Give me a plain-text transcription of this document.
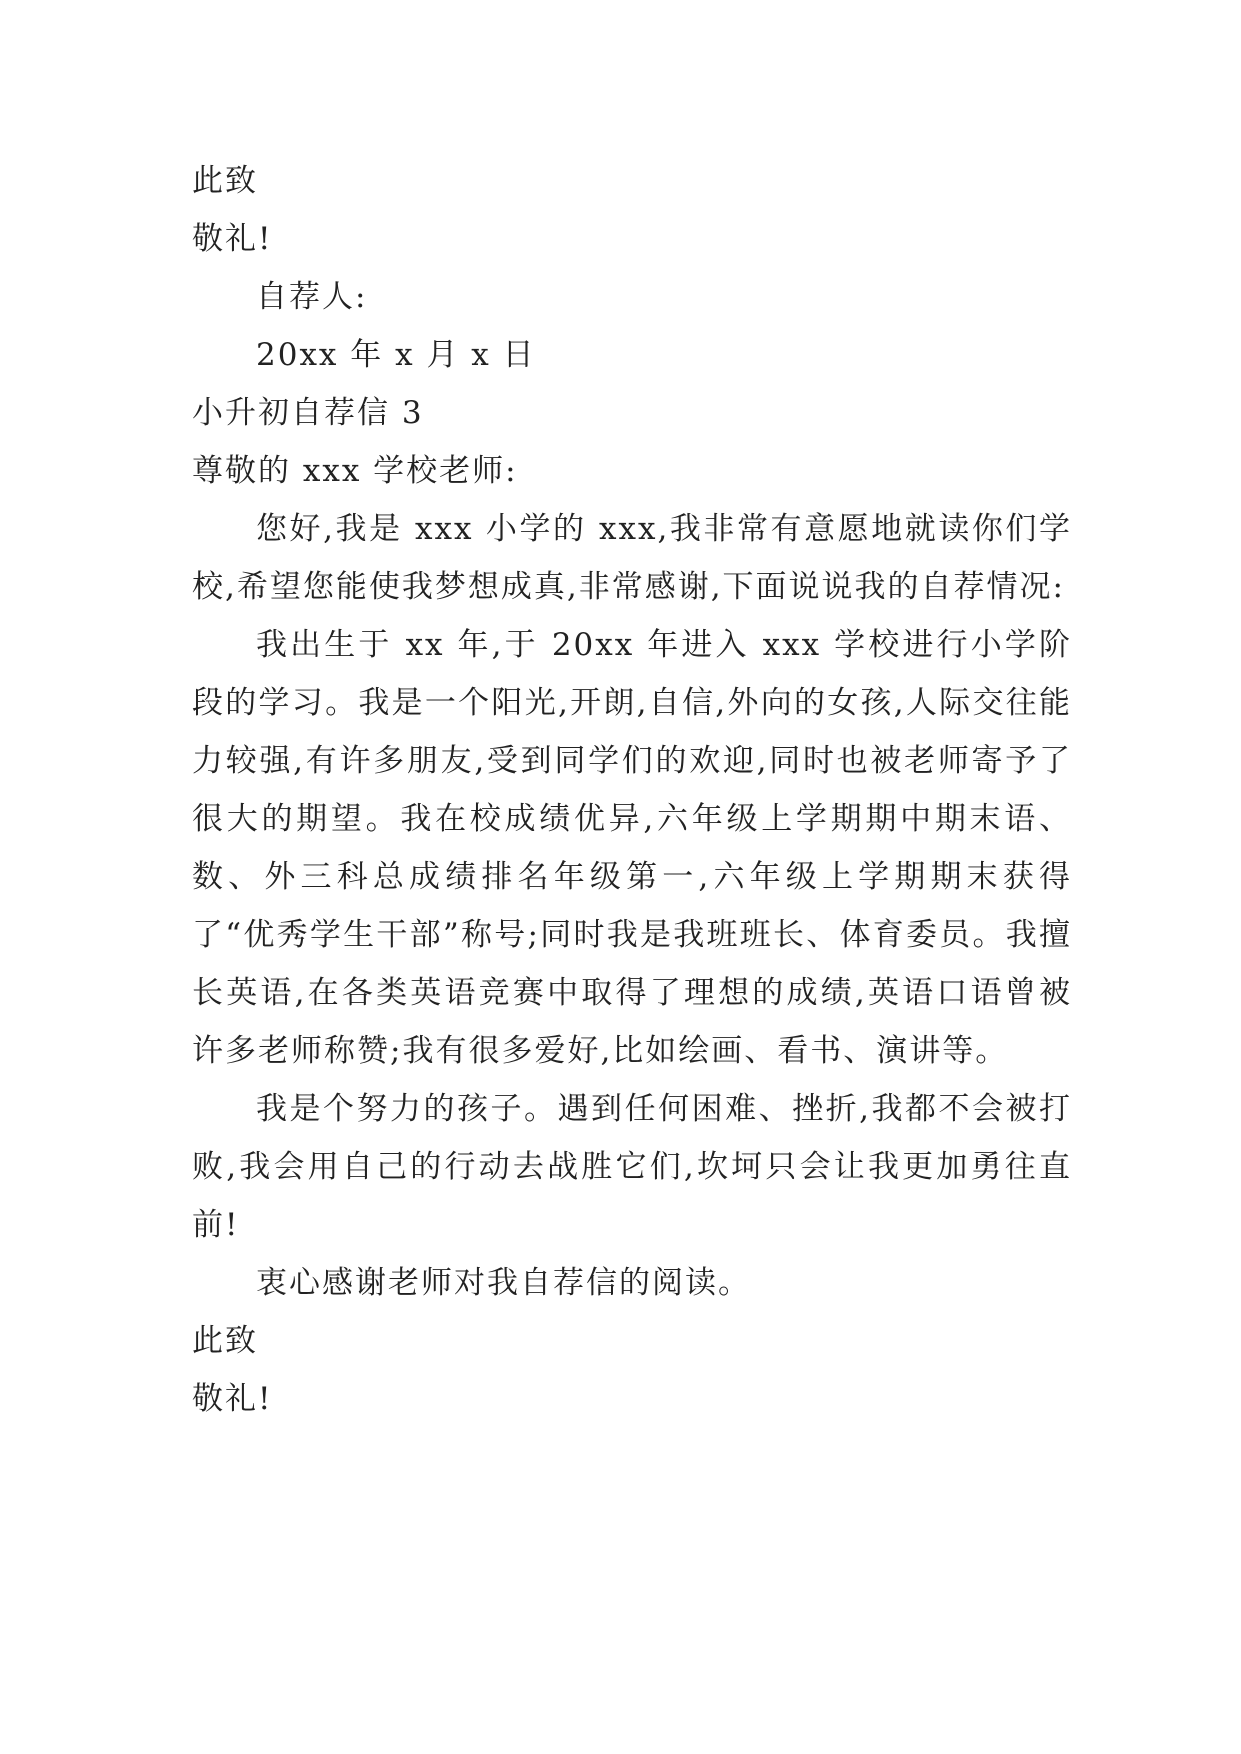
此致

敬礼!

自荐人:

20xx 年 x 月 x 日

小升初自荐信 3

尊敬的 xxx 学校老师:

您好,我是 xxx 小学的 xxx,我非常有意愿地就读你们学校,希望您能使我梦想成真,非常感谢,下面说说我的自荐情况:

我出生于 xx 年,于 20xx 年进入 xxx 学校进行小学阶段的学习。我是一个阳光,开朗,自信,外向的女孩,人际交往能力较强,有许多朋友,受到同学们的欢迎,同时也被老师寄予了很大的期望。我在校成绩优异,六年级上学期期中期末语、数、外三科总成绩排名年级第一,六年级上学期期末获得了“优秀学生干部”称号;同时我是我班班长、体育委员。我擅长英语,在各类英语竞赛中取得了理想的成绩,英语口语曾被许多老师称赞;我有很多爱好,比如绘画、看书、演讲等。

我是个努力的孩子。遇到任何困难、挫折,我都不会被打败,我会用自己的行动去战胜它们,坎坷只会让我更加勇往直前!

衷心感谢老师对我自荐信的阅读。

此致

敬礼!
